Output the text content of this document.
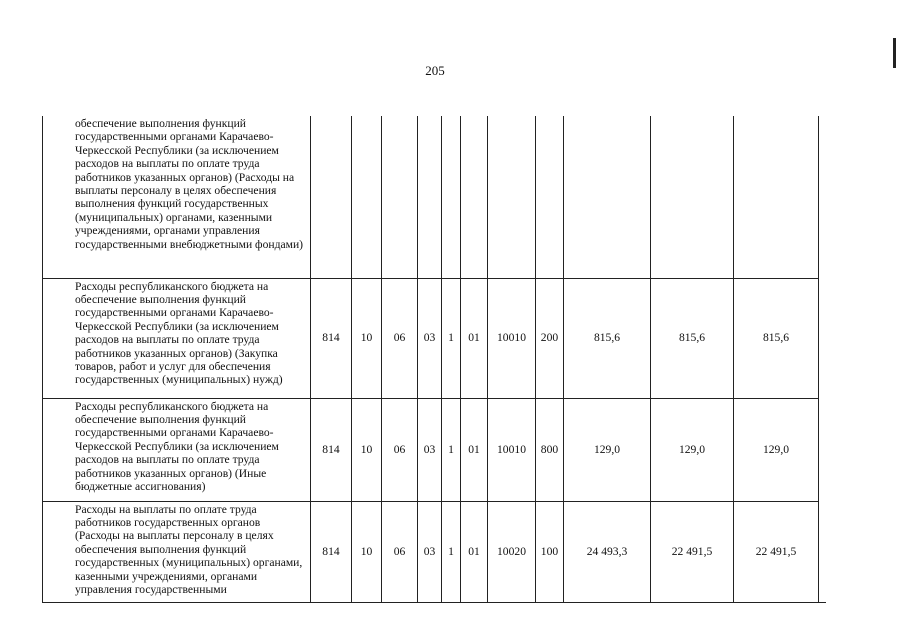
205
обеспечение выполнения функций государственными органами Карачаево-Черкесской Республики (за исключением расходов на выплаты по оплате труда работников указанных органов) (Расходы на выплаты персоналу в целях обеспечения выполнения функций государственных (муниципальных) органами, казенными учреждениями, органами управления государственными внебюджетными фондами)											
Расходы республиканского бюджета на обеспечение выполнения функций государственными органами Карачаево-Черкесской Республики (за исключением расходов на выплаты по оплате труда работников указанных органов) (Закупка товаров, работ и услуг для обеспечения государственных (муниципальных) нужд)	814	10	06	03	1	01	10010	200	815,6	815,6	815,6
Расходы республиканского бюджета на обеспечение выполнения функций государственными органами Карачаево-Черкесской Республики (за исключением расходов на выплаты по оплате труда работников указанных органов) (Иные бюджетные ассигнования)	814	10	06	03	1	01	10010	800	129,0	129,0	129,0
Расходы на выплаты по оплате труда работников государственных органов (Расходы на выплаты персоналу в целях обеспечения выполнения функций государственных (муниципальных) органами, казенными учреждениями, органами управления государственными	814	10	06	03	1	01	10020	100	24 493,3	22 491,5	22 491,5
